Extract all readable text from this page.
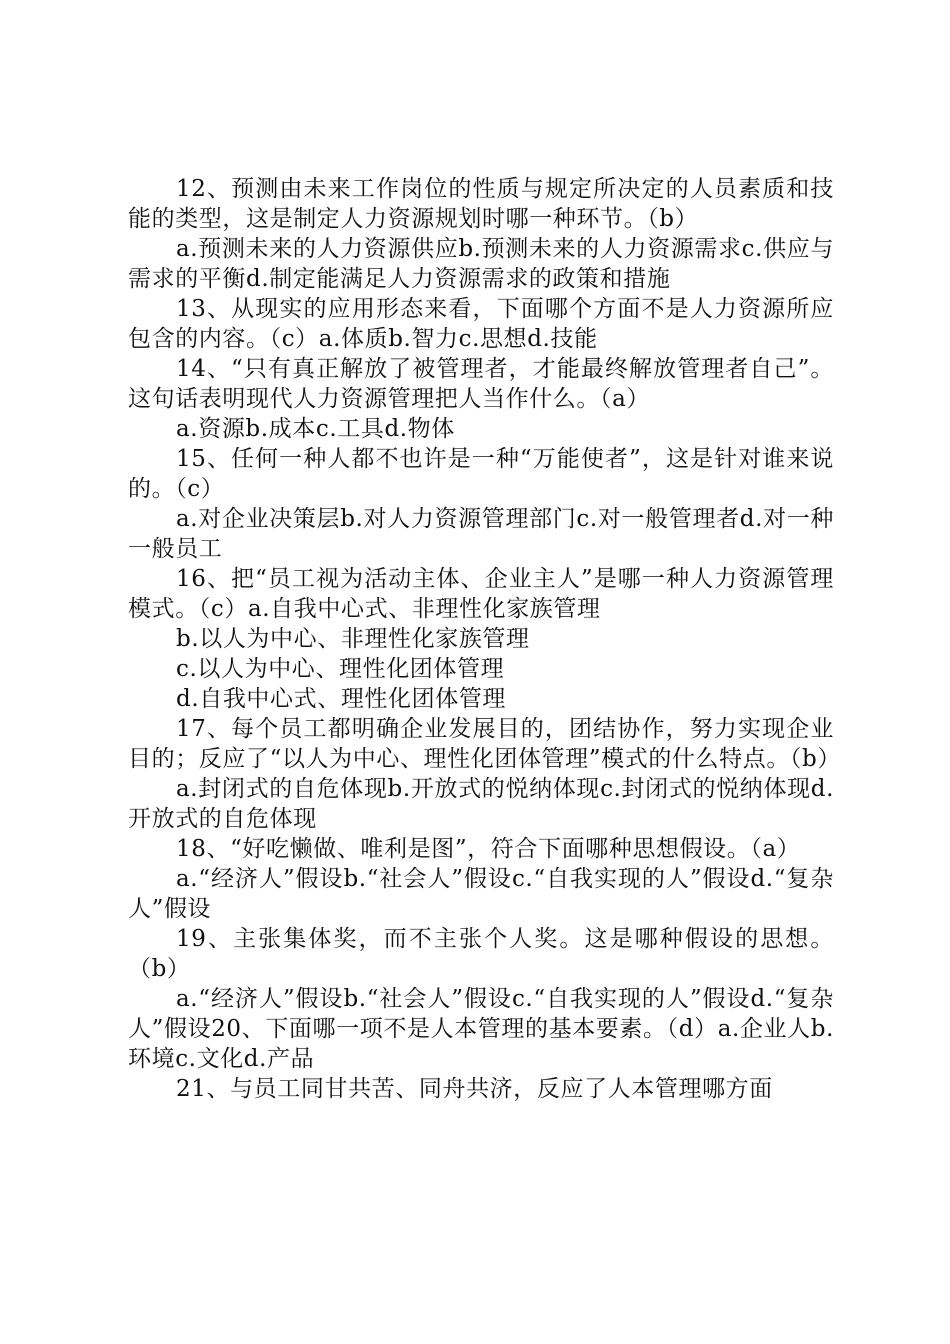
12、预测由未来工作岗位的性质与规定所决定的人员素质和技能的类型，这是制定人力资源规划时哪一种环节。（b）

a.预测未来的人力资源供应b.预测未来的人力资源需求c.供应与需求的平衡d.制定能满足人力资源需求的政策和措施

13、从现实的应用形态来看，下面哪个方面不是人力资源所应包含的内容。（c）a.体质b.智力c.思想d.技能

14、“只有真正解放了被管理者，才能最终解放管理者自己”。这句话表明现代人力资源管理把人当作什么。（a）

a.资源b.成本c.工具d.物体

15、任何一种人都不也许是一种“万能使者”，这是针对谁来说的。（c）

a.对企业决策层b.对人力资源管理部门c.对一般管理者d.对一种一般员工

16、把“员工视为活动主体、企业主人”是哪一种人力资源管理模式。（c）a.自我中心式、非理性化家族管理

b.以人为中心、非理性化家族管理

c.以人为中心、理性化团体管理

d.自我中心式、理性化团体管理

17、每个员工都明确企业发展目的，团结协作，努力实现企业目的；反应了“以人为中心、理性化团体管理”模式的什么特点。（b）

a.封闭式的自危体现b.开放式的悦纳体现c.封闭式的悦纳体现d.开放式的自危体现

18、“好吃懒做、唯利是图”，符合下面哪种思想假设。（a）

a.“经济人”假设b.“社会人”假设c.“自我实现的人”假设d.“复杂人”假设

19、主张集体奖，而不主张个人奖。这是哪种假设的思想。（b）

a.“经济人”假设b.“社会人”假设c.“自我实现的人”假设d.“复杂人”假设20、下面哪一项不是人本管理的基本要素。（d）a.企业人b.环境c.文化d.产品

21、与员工同甘共苦、同舟共济，反应了人本管理哪方面
